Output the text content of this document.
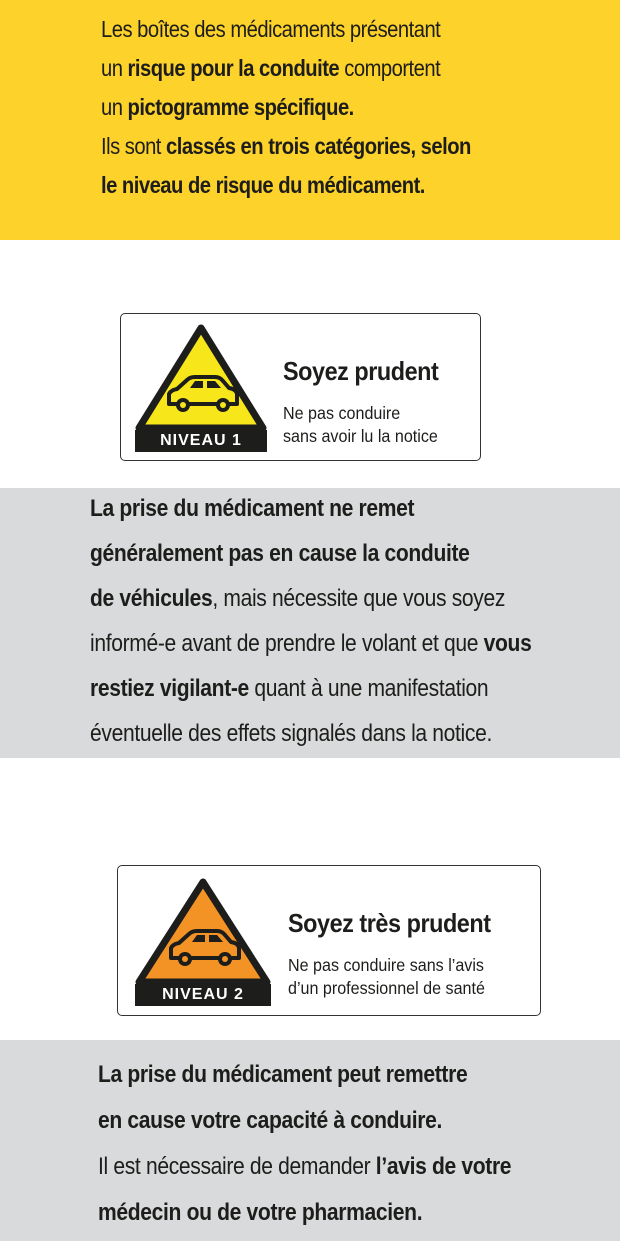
Les boîtes des médicaments présentant
un risque pour la conduite comportent
un pictogramme spécifique.
Ils sont classés en trois catégories, selon
le niveau de risque du médicament.
NIVEAU 1
Soyez prudent
Ne pas conduire
sans avoir lu la notice
La prise du médicament ne remet
généralement pas en cause la conduite
de véhicules, mais nécessite que vous soyez
informé-e avant de prendre le volant et que vous
restiez vigilant-e quant à une manifestation
éventuelle des effets signalés dans la notice.
NIVEAU 2
Soyez très prudent
Ne pas conduire sans l’avis
d’un professionnel de santé
La prise du médicament peut remettre
en cause votre capacité à conduire.
Il est nécessaire de demander l’avis de votre
médecin ou de votre pharmacien.
